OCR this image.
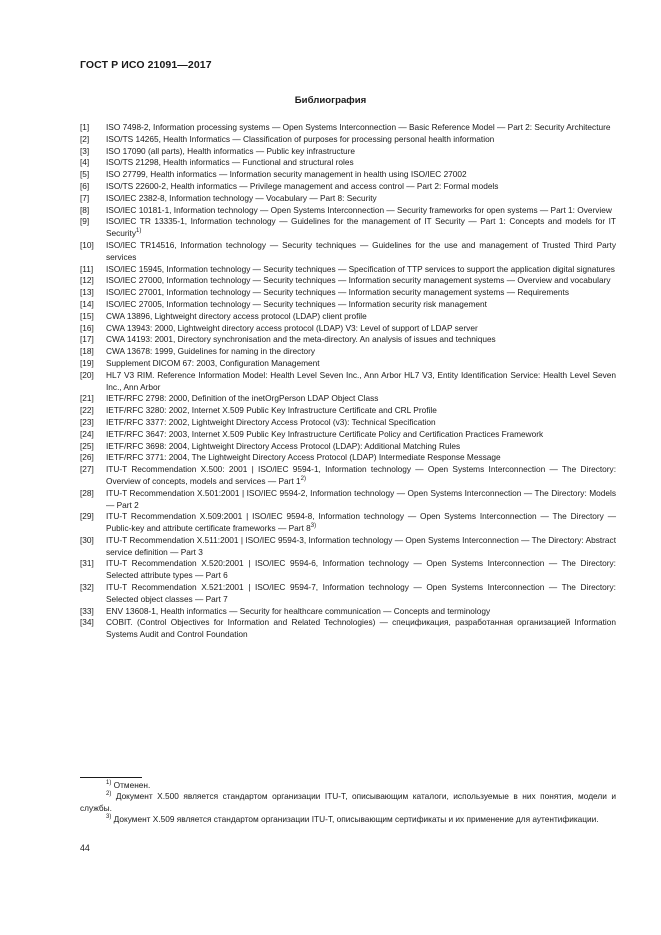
ГОСТ Р ИСО 21091—2017
Библиография
[1]	ISO 7498-2, Information processing systems — Open Systems Interconnection — Basic Reference Model — Part 2: Security Architecture
[2]	ISO/TS 14265, Health Informatics — Classification of purposes for processing personal health information
[3]	ISO 17090 (all parts), Health informatics — Public key infrastructure
[4]	ISO/TS 21298, Health informatics — Functional and structural roles
[5]	ISO 27799, Health informatics — Information security management in health using ISO/IEC 27002
[6]	ISO/TS 22600-2, Health informatics — Privilege management and access control — Part 2: Formal models
[7]	ISO/IEC 2382-8, Information technology — Vocabulary — Part 8: Security
[8]	ISO/IEC 10181-1, Information technology — Open Systems Interconnection — Security frameworks for open systems — Part 1: Overview
[9]	ISO/IEC TR 13335-1, Information technology — Guidelines for the management of IT Security — Part 1: Concepts and models for IT Security$^{1)}$
[10]	ISO/IEC TR14516, Information technology — Security techniques — Guidelines for the use and management of Trusted Third Party services
[11]	ISO/IEC 15945, Information technology — Security techniques — Specification of TTP services to support the application digital signatures
[12]	ISO/IEC 27000, Information technology — Security techniques — Information security management systems — Overview and vocabulary
[13]	ISO/IEC 27001, Information technology — Security techniques — Information security management systems — Requirements
[14]	ISO/IEC 27005, Information technology — Security techniques — Information security risk management
[15]	CWA 13896, Lightweight directory access protocol (LDAP) client profile
[16]	CWA 13943: 2000, Lightweight directory access protocol (LDAP) V3: Level of support of LDAP server
[17]	CWA 14193: 2001, Directory synchronisation and the meta-directory. An analysis of issues and techniques
[18]	CWA 13678: 1999, Guidelines for naming in the directory
[19]	Supplement DICOM 67: 2003, Configuration Management
[20]	HL7 V3 RIM. Reference Information Model: Health Level Seven Inc., Ann Arbor HL7 V3, Entity Identification Service: Health Level Seven Inc., Ann Arbor
[21]	IETF/RFC 2798: 2000, Definition of the inetOrgPerson LDAP Object Class
[22]	IETF/RFC 3280: 2002, Internet X.509 Public Key Infrastructure Certificate and CRL Profile
[23]	IETF/RFC 3377: 2002, Lightweight Directory Access Protocol (v3): Technical Specification
[24]	IETF/RFC 3647: 2003, Internet X.509 Public Key Infrastructure Certificate Policy and Certification Practices Framework
[25]	IETF/RFC 3698: 2004, Lightweight Directory Access Protocol (LDAP): Additional Matching Rules
[26]	IETF/RFC 3771: 2004, The Lightweight Directory Access Protocol (LDAP) Intermediate Response Message
[27]	ITU-T Recommendation X.500: 2001 | ISO/IEC 9594-1, Information technology — Open Systems Interconnection — The Directory: Overview of concepts, models and services — Part 1$^{2)}$
[28]	ITU-T Recommendation X.501:2001 | ISO/IEC 9594-2, Information technology — Open Systems Interconnection — The Directory: Models — Part 2
[29]	ITU-T Recommendation X.509:2001 | ISO/IEC 9594-8, Information technology — Open Systems Interconnection — The Directory — Public-key and attribute certificate frameworks — Part 8$^{3)}$
[30]	ITU-T Recommendation X.511:2001 | ISO/IEC 9594-3, Information technology — Open Systems Interconnection — The Directory: Abstract service definition — Part 3
[31]	ITU-T Recommendation X.520:2001 | ISO/IEC 9594-6, Information technology — Open Systems Interconnection — The Directory: Selected attribute types — Part 6
[32]	ITU-T Recommendation X.521:2001 | ISO/IEC 9594-7, Information technology — Open Systems Interconnection — The Directory: Selected object classes — Part 7
[33]	ENV 13608-1, Health informatics — Security for healthcare communication — Concepts and terminology
[34]	COBIT. (Control Objectives for Information and Related Technologies) — спецификация, разработанная организацией Information Systems Audit and Control Foundation
$^{1)}$ Отменен.
$^{2)}$ Документ Х.500 является стандартом организации ITU-T, описывающим каталоги, используемые в них понятия, модели и службы.
$^{3)}$ Документ Х.509 является стандартом организации ITU-T, описывающим сертификаты и их применение для аутентификации.
44
